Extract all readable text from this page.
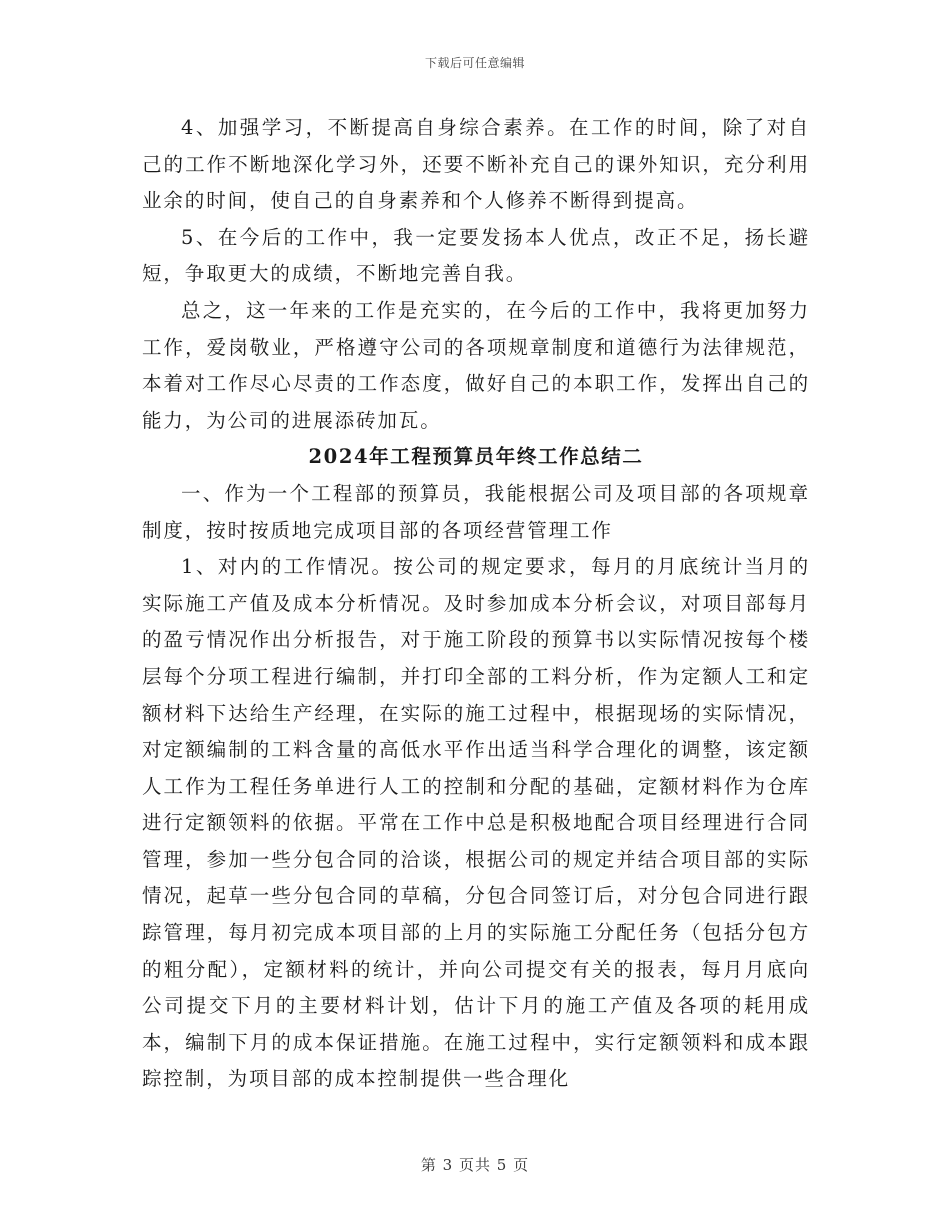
下载后可任意编辑

4、加强学习，不断提高自身综合素养。在工作的时间，除了对自己的工作不断地深化学习外，还要不断补充自己的课外知识，充分利用业余的时间，使自己的自身素养和个人修养不断得到提高。

5、在今后的工作中，我一定要发扬本人优点，改正不足，扬长避短，争取更大的成绩，不断地完善自我。

总之，这一年来的工作是充实的，在今后的工作中，我将更加努力工作，爱岗敬业，严格遵守公司的各项规章制度和道德行为法律规范，本着对工作尽心尽责的工作态度，做好自己的本职工作，发挥出自己的能力，为公司的进展添砖加瓦。

2024年工程预算员年终工作总结二

一、作为一个工程部的预算员，我能根据公司及项目部的各项规章制度，按时按质地完成项目部的各项经营管理工作

1、对内的工作情况。按公司的规定要求，每月的月底统计当月的实际施工产值及成本分析情况。及时参加成本分析会议，对项目部每月的盈亏情况作出分析报告，对于施工阶段的预算书以实际情况按每个楼层每个分项工程进行编制，并打印全部的工料分析，作为定额人工和定额材料下达给生产经理，在实际的施工过程中，根据现场的实际情况，对定额编制的工料含量的高低水平作出适当科学合理化的调整，该定额人工作为工程任务单进行人工的控制和分配的基础，定额材料作为仓库进行定额领料的依据。平常在工作中总是积极地配合项目经理进行合同管理，参加一些分包合同的洽谈，根据公司的规定并结合项目部的实际情况，起草一些分包合同的草稿，分包合同签订后，对分包合同进行跟踪管理，每月初完成本项目部的上月的实际施工分配任务（包括分包方的粗分配），定额材料的统计，并向公司提交有关的报表，每月月底向公司提交下月的主要材料计划，估计下月的施工产值及各项的耗用成本，编制下月的成本保证措施。在施工过程中，实行定额领料和成本跟踪控制，为项目部的成本控制提供一些合理化

第 3 页共 5 页
